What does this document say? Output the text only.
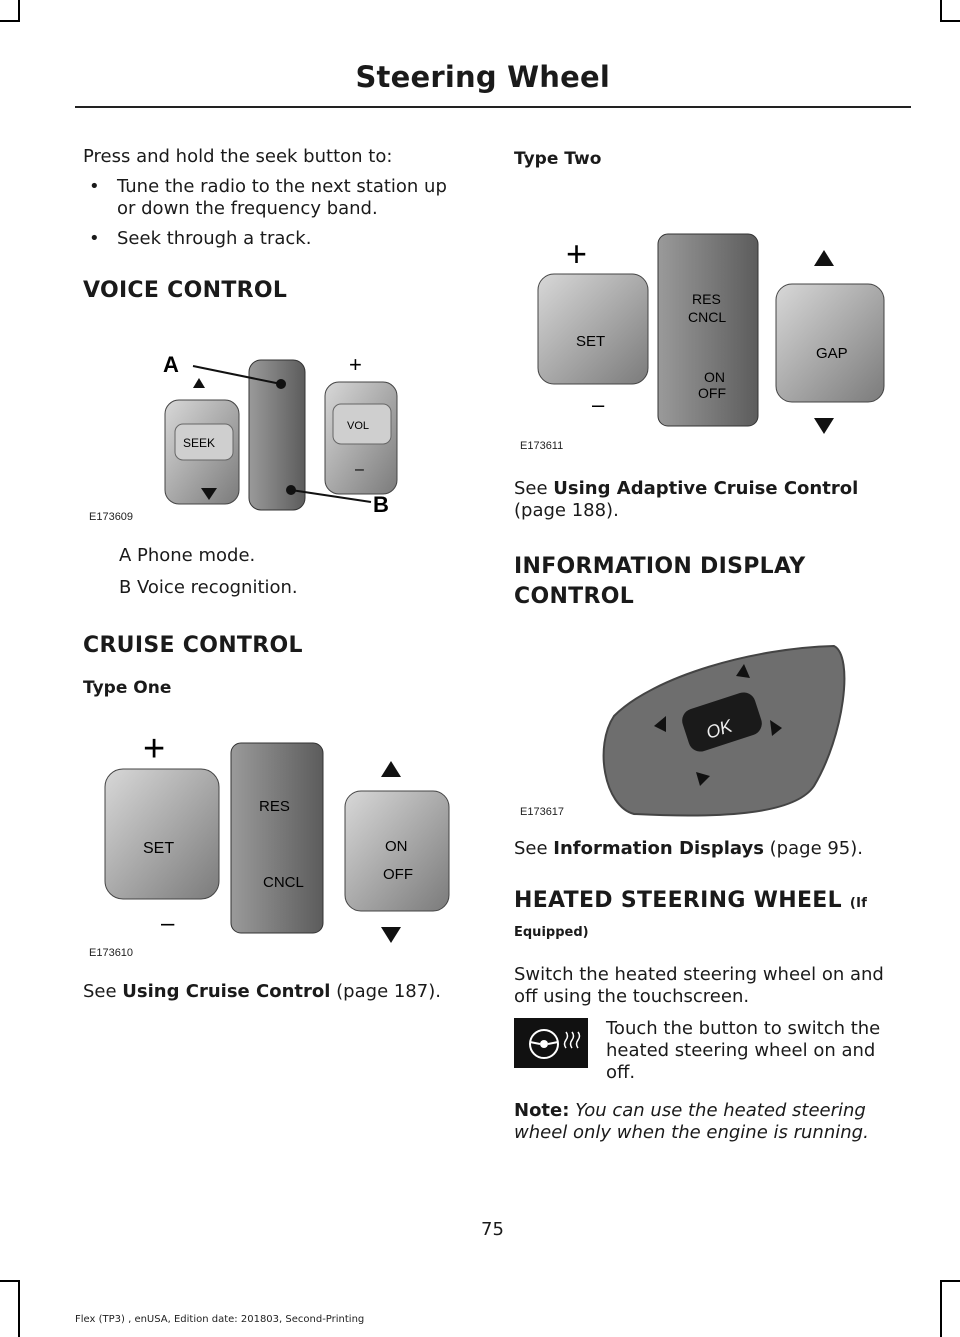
Steering Wheel

Press and hold the seek button to:

• Tune the radio to the next station up or down the frequency band.
• Seek through a track.
VOICE CONTROL
A
B
SEEK
VOL
+
–
E173609
A Phone mode.
B Voice recognition.
CRUISE CONTROL
Type One
+
–
SET
RES
CNCL
ON
OFF
E173610

See Using Cruise Control (page 187).

Type Two
+
–
SET
RES
CNCL
ON
OFF
GAP
E173611

See Using Adaptive Cruise Control (page 188).

INFORMATION DISPLAY
CONTROL
OK
E173617

See Information Displays (page 95).

HEATED STEERING WHEEL (If
Equipped)

Switch the heated steering wheel on and off using the touchscreen.

Touch the button to switch the heated steering wheel on and off.

Note: You can use the heated steering wheel only when the engine is running.

75
Flex (TP3) , enUSA, Edition date: 201803, Second-Printing
